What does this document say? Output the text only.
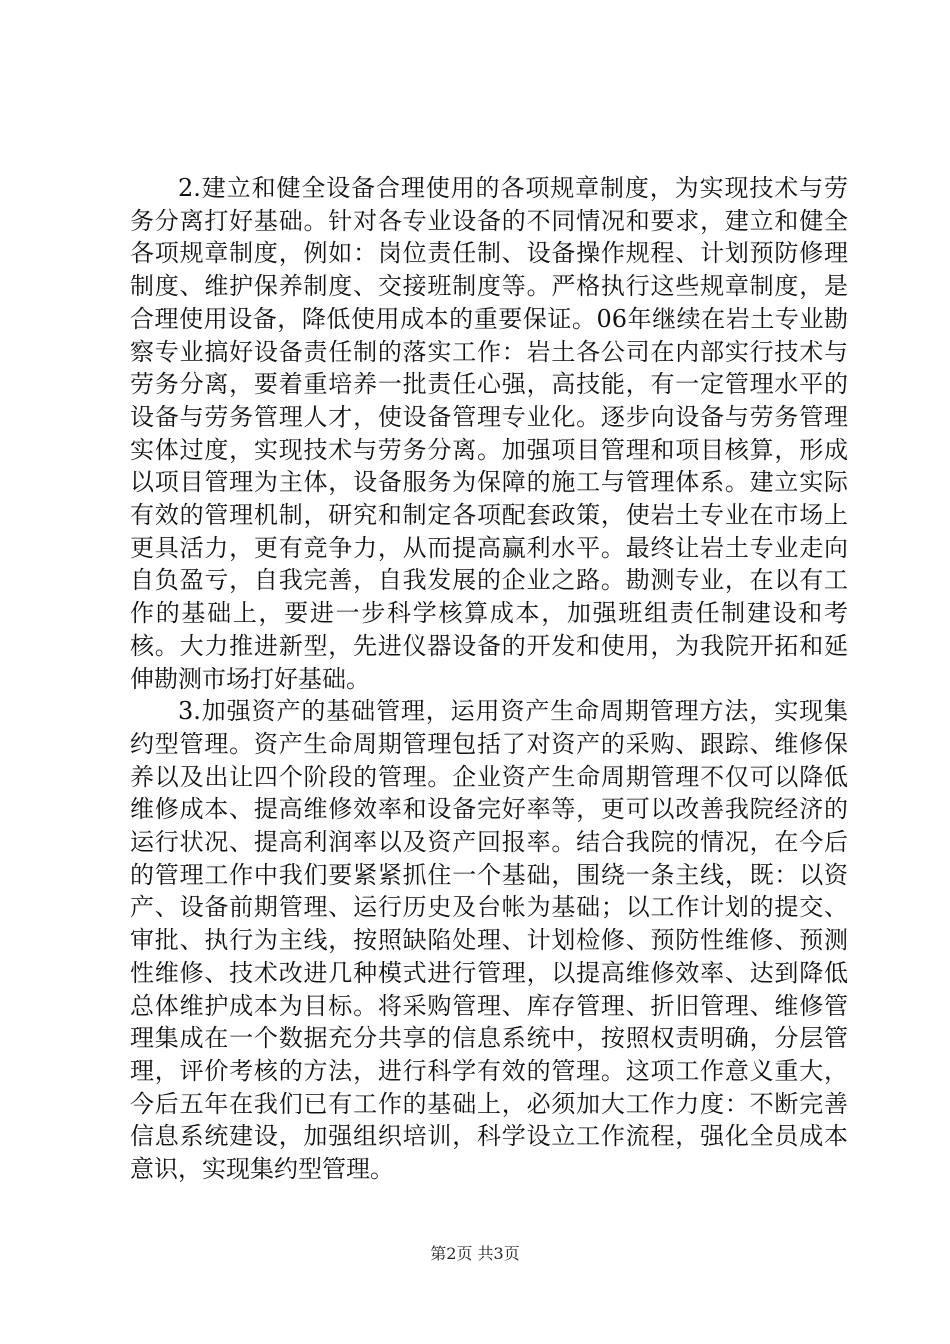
2.建立和健全设备合理使用的各项规章制度，为实现技术与劳务分离打好基础。针对各专业设备的不同情况和要求，建立和健全各项规章制度，例如：岗位责任制、设备操作规程、计划预防修理制度、维护保养制度、交接班制度等。严格执行这些规章制度，是合理使用设备，降低使用成本的重要保证。06年继续在岩土专业勘察专业搞好设备责任制的落实工作：岩土各公司在内部实行技术与劳务分离，要着重培养一批责任心强，高技能，有一定管理水平的设备与劳务管理人才，使设备管理专业化。逐步向设备与劳务管理实体过度，实现技术与劳务分离。加强项目管理和项目核算，形成以项目管理为主体，设备服务为保障的施工与管理体系。建立实际有效的管理机制，研究和制定各项配套政策，使岩土专业在市场上更具活力，更有竞争力，从而提高赢利水平。最终让岩土专业走向自负盈亏，自我完善，自我发展的企业之路。勘测专业，在以有工作的基础上，要进一步科学核算成本，加强班组责任制建设和考核。大力推进新型，先进仪器设备的开发和使用，为我院开拓和延伸勘测市场打好基础。

3.加强资产的基础管理，运用资产生命周期管理方法，实现集约型管理。资产生命周期管理包括了对资产的采购、跟踪、维修保养以及出让四个阶段的管理。企业资产生命周期管理不仅可以降低维修成本、提高维修效率和设备完好率等，更可以改善我院经济的运行状况、提高利润率以及资产回报率。结合我院的情况，在今后的管理工作中我们要紧紧抓住一个基础，围绕一条主线，既：以资产、设备前期管理、运行历史及台帐为基础；以工作计划的提交、审批、执行为主线，按照缺陷处理、计划检修、预防性维修、预测性维修、技术改进几种模式进行管理，以提高维修效率、达到降低总体维护成本为目标。将采购管理、库存管理、折旧管理、维修管理集成在一个数据充分共享的信息系统中，按照权责明确，分层管理，评价考核的方法，进行科学有效的管理。这项工作意义重大，今后五年在我们已有工作的基础上，必须加大工作力度：不断完善信息系统建设，加强组织培训，科学设立工作流程，强化全员成本意识，实现集约型管理。

第2页 共3页
